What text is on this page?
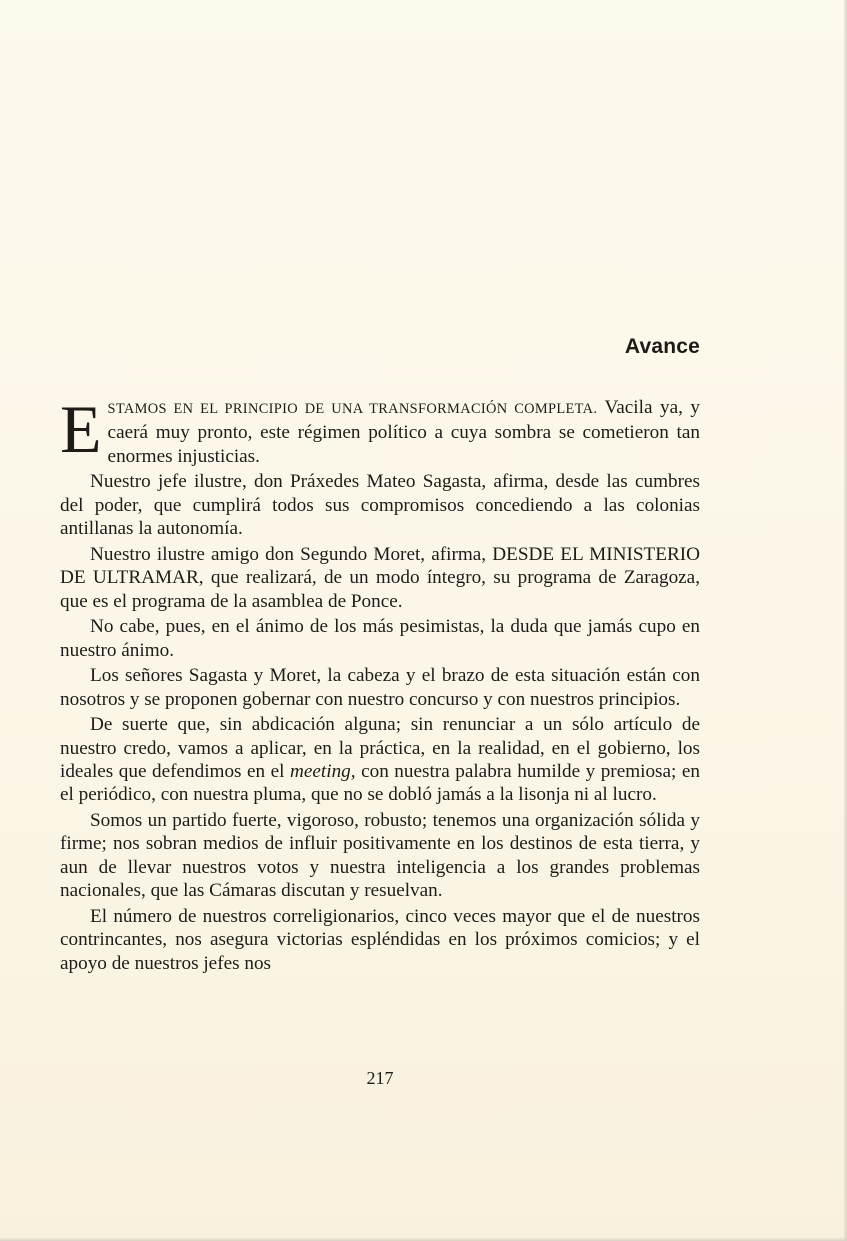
Avance

ESTAMOS EN EL PRINCIPIO DE UNA TRANSFORMACIÓN COMPLETA. Vacila ya, y caerá muy pronto, este régimen político a cuya sombra se cometieron tan enormes injusticias.

Nuestro jefe ilustre, don Práxedes Mateo Sagasta, afirma, desde las cumbres del poder, que cumplirá todos sus compromisos concediendo a las colonias antillanas la autonomía.

Nuestro ilustre amigo don Segundo Moret, afirma, DESDE EL MINISTERIO DE ULTRAMAR, que realizará, de un modo íntegro, su programa de Zaragoza, que es el programa de la asamblea de Ponce.

No cabe, pues, en el ánimo de los más pesimistas, la duda que jamás cupo en nuestro ánimo.

Los señores Sagasta y Moret, la cabeza y el brazo de esta situación están con nosotros y se proponen gobernar con nuestro concurso y con nuestros principios.

De suerte que, sin abdicación alguna; sin renunciar a un sólo artículo de nuestro credo, vamos a aplicar, en la práctica, en la realidad, en el gobierno, los ideales que defendimos en el meeting, con nuestra palabra humilde y premiosa; en el periódico, con nuestra pluma, que no se dobló jamás a la lisonja ni al lucro.

Somos un partido fuerte, vigoroso, robusto; tenemos una organización sólida y firme; nos sobran medios de influir positivamente en los destinos de esta tierra, y aun de llevar nuestros votos y nuestra inteligencia a los grandes problemas nacionales, que las Cámaras discutan y resuelvan.

El número de nuestros correligionarios, cinco veces mayor que el de nuestros contrincantes, nos asegura victorias espléndidas en los próximos comicios; y el apoyo de nuestros jefes nos

217
